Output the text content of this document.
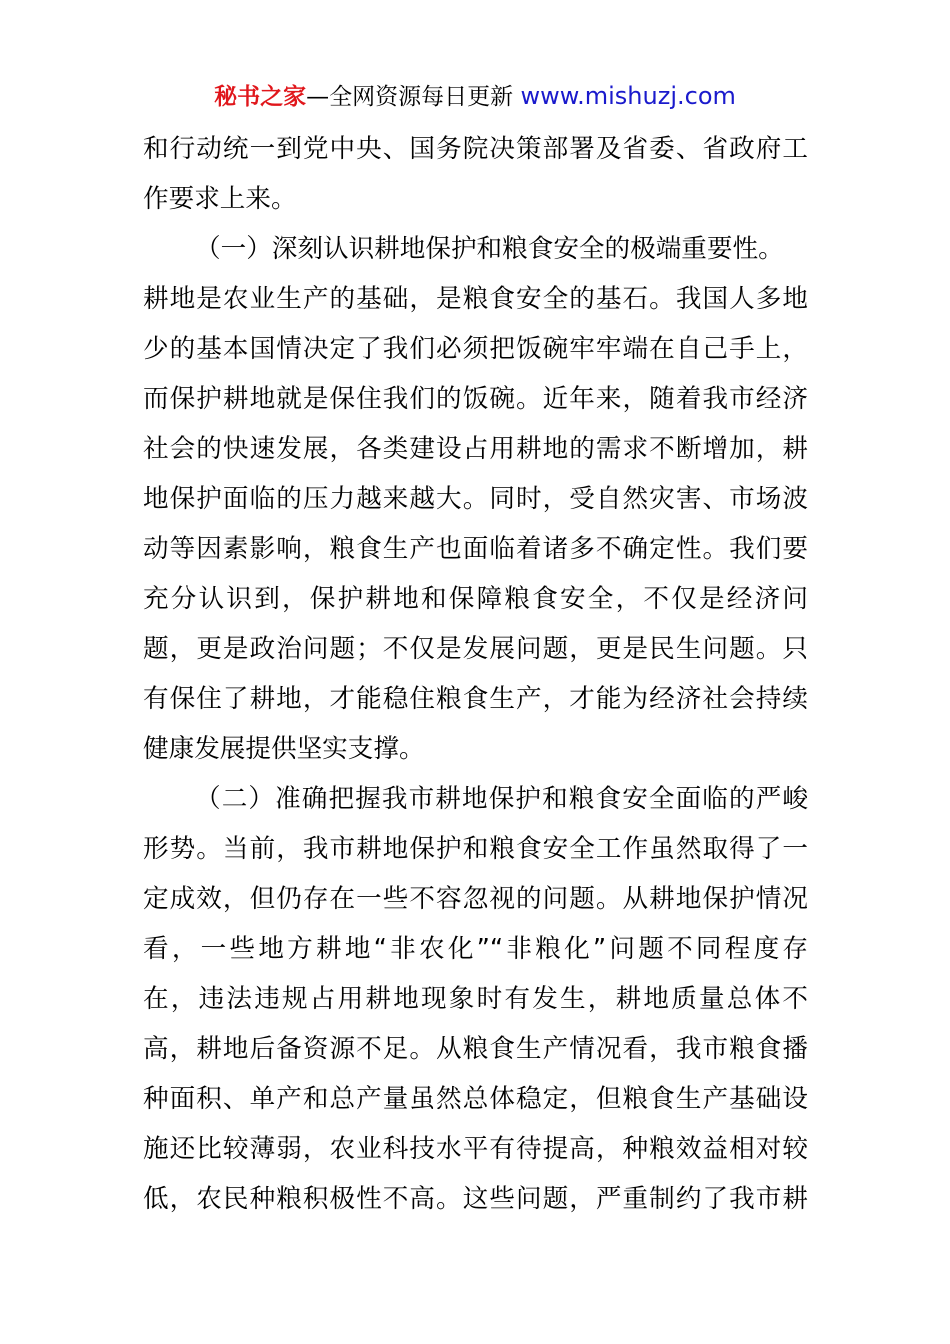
秘书之家—全网资源每日更新 www.mishuzj.com
和行动统一到党中央、国务院决策部署及省委、省政府工
作要求上来。
（一）深刻认识耕地保护和粮食安全的极端重要性。
耕地是农业生产的基础，是粮食安全的基石。我国人多地
少的基本国情决定了我们必须把饭碗牢牢端在自己手上，
而保护耕地就是保住我们的饭碗。近年来，随着我市经济
社会的快速发展，各类建设占用耕地的需求不断增加，耕
地保护面临的压力越来越大。同时，受自然灾害、市场波
动等因素影响，粮食生产也面临着诸多不确定性。我们要
充分认识到，保护耕地和保障粮食安全，不仅是经济问
题，更是政治问题；不仅是发展问题，更是民生问题。只
有保住了耕地，才能稳住粮食生产，才能为经济社会持续
健康发展提供坚实支撑。
（二）准确把握我市耕地保护和粮食安全面临的严峻
形势。当前，我市耕地保护和粮食安全工作虽然取得了一
定成效，但仍存在一些不容忽视的问题。从耕地保护情况
看，一些地方耕地“非农化”“非粮化”问题不同程度存
在，违法违规占用耕地现象时有发生，耕地质量总体不
高，耕地后备资源不足。从粮食生产情况看，我市粮食播
种面积、单产和总产量虽然总体稳定，但粮食生产基础设
施还比较薄弱，农业科技水平有待提高，种粮效益相对较
低，农民种粮积极性不高。这些问题，严重制约了我市耕
